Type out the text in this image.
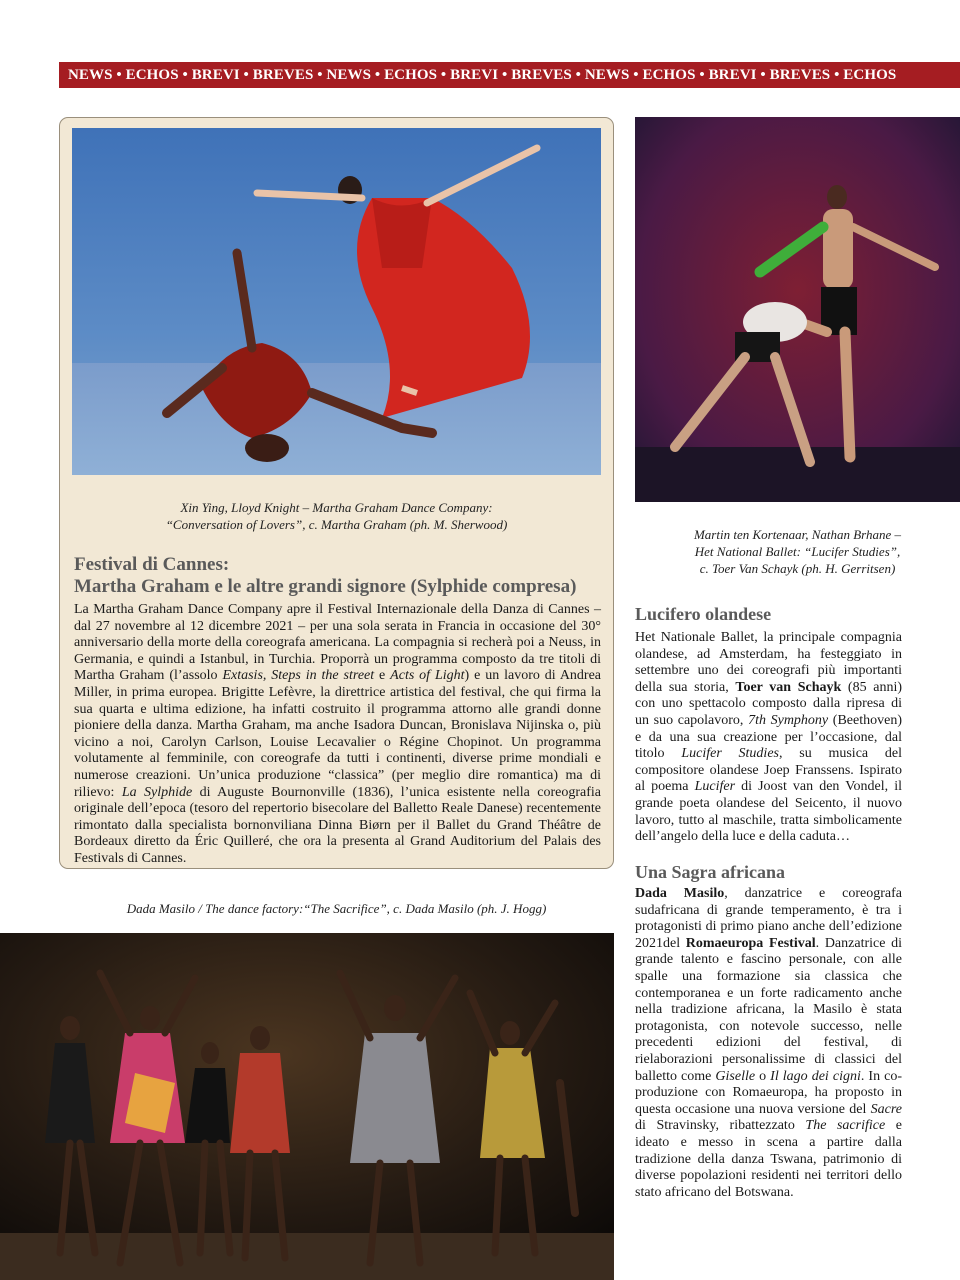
NEWS • ECHOS • BREVI • BREVES • NEWS • ECHOS • BREVI • BREVES • NEWS • ECHOS • BREVI • BREVES • ECHOS
Xin Ying, Lloyd Knight – Martha Graham Dance Company:
“Conversation of Lovers”, c. Martha Graham (ph. M. Sherwood)
Festival di Cannes:
Martha Graham e le altre grandi signore (Sylphide compresa)

La Martha Graham Dance Company apre il Festival Internazionale della Danza di Cannes – dal 27 novembre al 12 dicembre 2021 – per una sola serata in Francia in occasione del 30° anniversario della morte della coreografa americana. La compagnia si recherà poi a Neuss, in Germania, e quindi a Istanbul, in Turchia. Proporrà un programma composto da tre titoli di Martha Graham (l’assolo Extasis, Steps in the street e Acts of Light) e un lavoro di Andrea Miller, in prima europea. Brigitte Lefèvre, la direttrice artistica del festival, che qui firma la sua quarta e ultima edizione, ha infatti costruito il programma attorno alle grandi donne pioniere della danza. Martha Graham, ma anche Isadora Duncan, Bronislava Nijinska o, più vicino a noi, Carolyn Carlson, Louise Lecavalier o Régine Chopinot. Un programma volutamente al femminile, con coreografe da tutti i continenti, diverse prime mondiali e numerose creazioni. Un’unica produzione “classica” (per meglio dire romantica) ma di rilievo: La Sylphide di Auguste Bournonville (1836), l’unica esistente nella coreografia originale dell’epoca (tesoro del repertorio bisecolare del Balletto Reale Danese) recentemente rimontato dalla specialista bornonviliana Dinna Biørn per il Ballet du Grand Théâtre de Bordeaux diretto da Éric Quilleré, che ora la presenta al Grand Auditorium del Palais des Festivals di Cannes.

Martin ten Kortenaar, Nathan Brhane –
Het National Ballet: “Lucifer Studies”,
c. Toer Van Schayk (ph. H. Gerritsen)
Lucifero olandese

Het Nationale Ballet, la principale compagnia olandese, ad Amsterdam, ha festeggiato in settembre uno dei coreografi più importanti della sua storia, Toer van Schayk (85 anni) con uno spettacolo composto dalla ripresa di un suo capolavoro, 7th Symphony (Beethoven) e da una sua creazione per l’occasione, dal titolo Lucifer Studies, su musica del compositore olandese Joep Franssens. Ispirato al poema Lucifer di Joost van den Vondel, il grande poeta olandese del Seicento, il nuovo lavoro, tutto al maschile, tratta simbolicamente dell’angelo della luce e della caduta…

Una Sagra africana

Dada Masilo, danzatrice e coreografa sudafricana di grande temperamento, è tra i protagonisti di primo piano anche dell’edizione 2021del Romaeuropa Festival. Danzatrice di grande talento e fascino personale, con alle spalle una formazione sia classica che contemporanea e un forte radicamento anche nella tradizione africana, la Masilo è stata protagonista, con notevole successo, nelle precedenti edizioni del festival, di rielaborazioni personalissime di classici del balletto come Giselle o Il lago dei cigni. In co-produzione con Romaeuropa, ha proposto in questa occasione una nuova versione del Sacre di Stravinsky, ribattezzato The sacrifice e ideato e messo in scena a partire dalla tradizione della danza Tswana, patrimonio di diverse popolazioni residenti nei territori dello stato africano del Botswana.

Dada Masilo / The dance factory:“The Sacrifice”, c. Dada Masilo (ph. J. Hogg)
